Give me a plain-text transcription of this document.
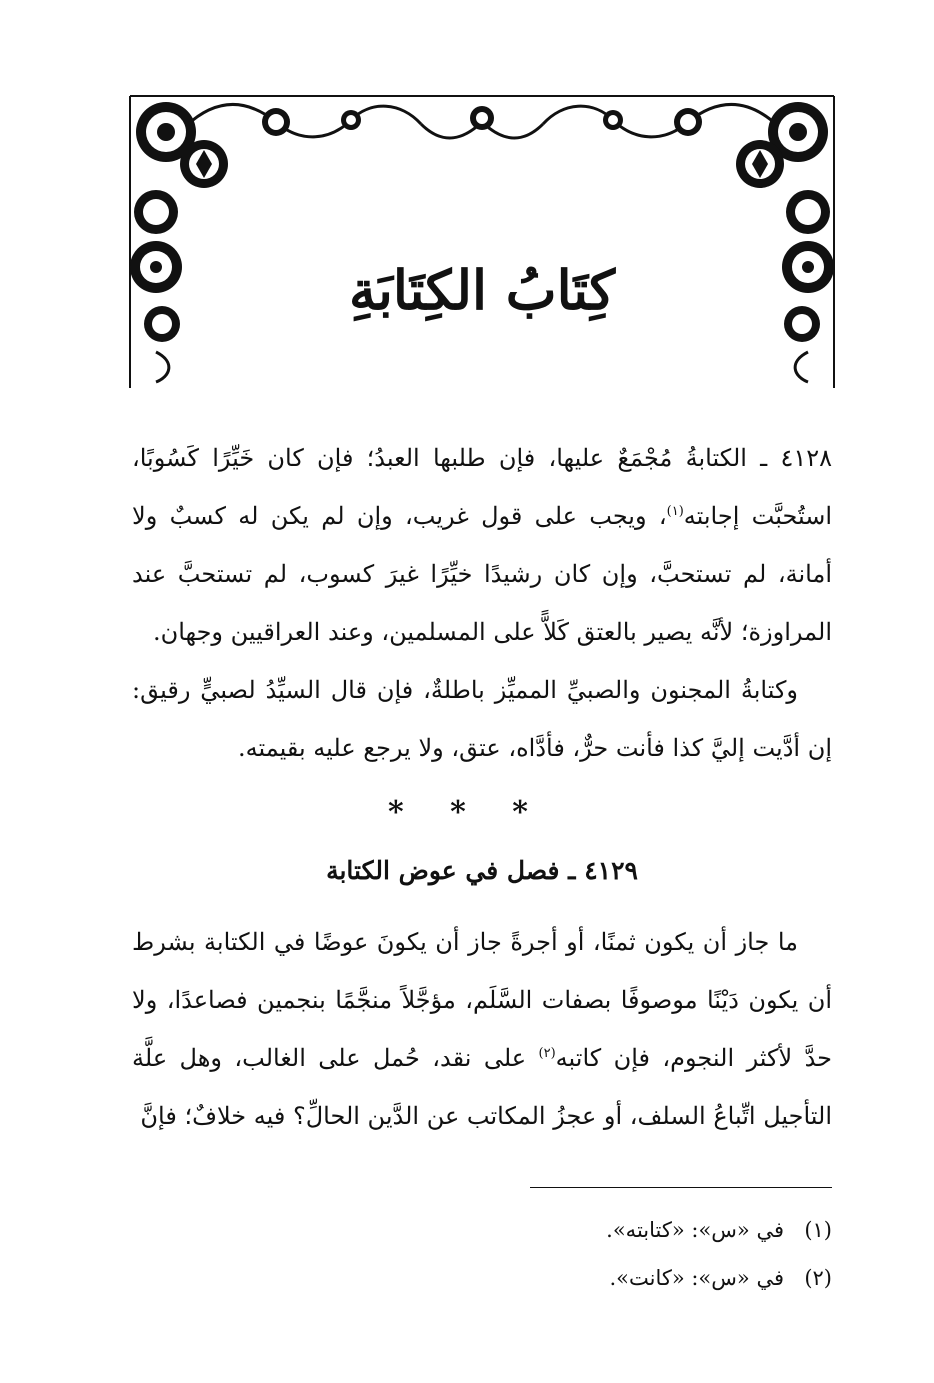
كِتَابُ الكِتَابَةِ

٤١٢٨ ـ الكتابةُ مُجْمَعٌ عليها، فإن طلبها العبدُ؛ فإن كان خَيِّرًا كَسُوبًا، استُحبَّت إجابته$^{(١)}$، ويجب على قول غريب، وإن لم يكن له كسبٌ ولا أمانة، لم تستحبَّ، وإن كان رشيدًا خيِّرًا غيرَ كسوب، لم تستحبَّ عند المراوزة؛ لأنَّه يصير بالعتق كَلاًّ على المسلمين، وعند العراقيين وجهان.

وكتابةُ المجنون والصبيِّ المميِّز باطلةٌ، فإن قال السيِّدُ لصبيٍّ رقيق: إن أدَّيت إليَّ كذا فأنت حرٌّ، فأدَّاه، عتق، ولا يرجع عليه بقيمته.

* * *
٤١٢٩ ـ فصل في عوض الكتابة

ما جاز أن يكون ثمنًا، أو أجرةً جاز أن يكونَ عوضًا في الكتابة بشرط أن يكون دَيْنًا موصوفًا بصفات السَّلَم، مؤجَّلاً منجَّمًا بنجمين فصاعدًا، ولا حدَّ لأكثر النجوم، فإن كاتبه$^{(٢)}$ على نقد، حُمل على الغالب، وهل علَّة التأجيل اتِّباعُ السلف، أو عجزُ المكاتب عن الدَّين الحالِّ؟ فيه خلافٌ؛ فإنَّ

(١)في «س»: «كتابته».
(٢)في «س»: «كانت».
